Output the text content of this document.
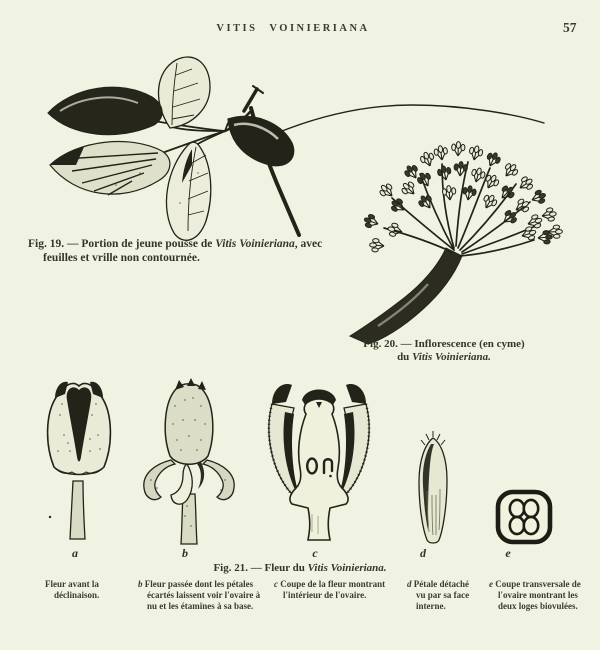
VITIS VOINIERIANA	57
Fig. 19. — Portion de jeune pousse de Vitis Voinieriana, avec feuilles et vrille non contournée.
Fig. 20. — Inflorescence (en cyme)
du Vitis Voinieriana.
a	b	c	d	e
Fig. 21. — Fleur du Vitis Voinieriana.
Fleur avant la déclinaison.
b Fleur passée dont les pétales écartés laissent voir l'ovaire à nu et les étamines à sa base.
c Coupe de la fleur montrant l'intérieur de l'ovaire.
d Pétale détaché vu par sa face interne.
e Coupe transversale de l'ovaire montrant les deux loges biovulées.
